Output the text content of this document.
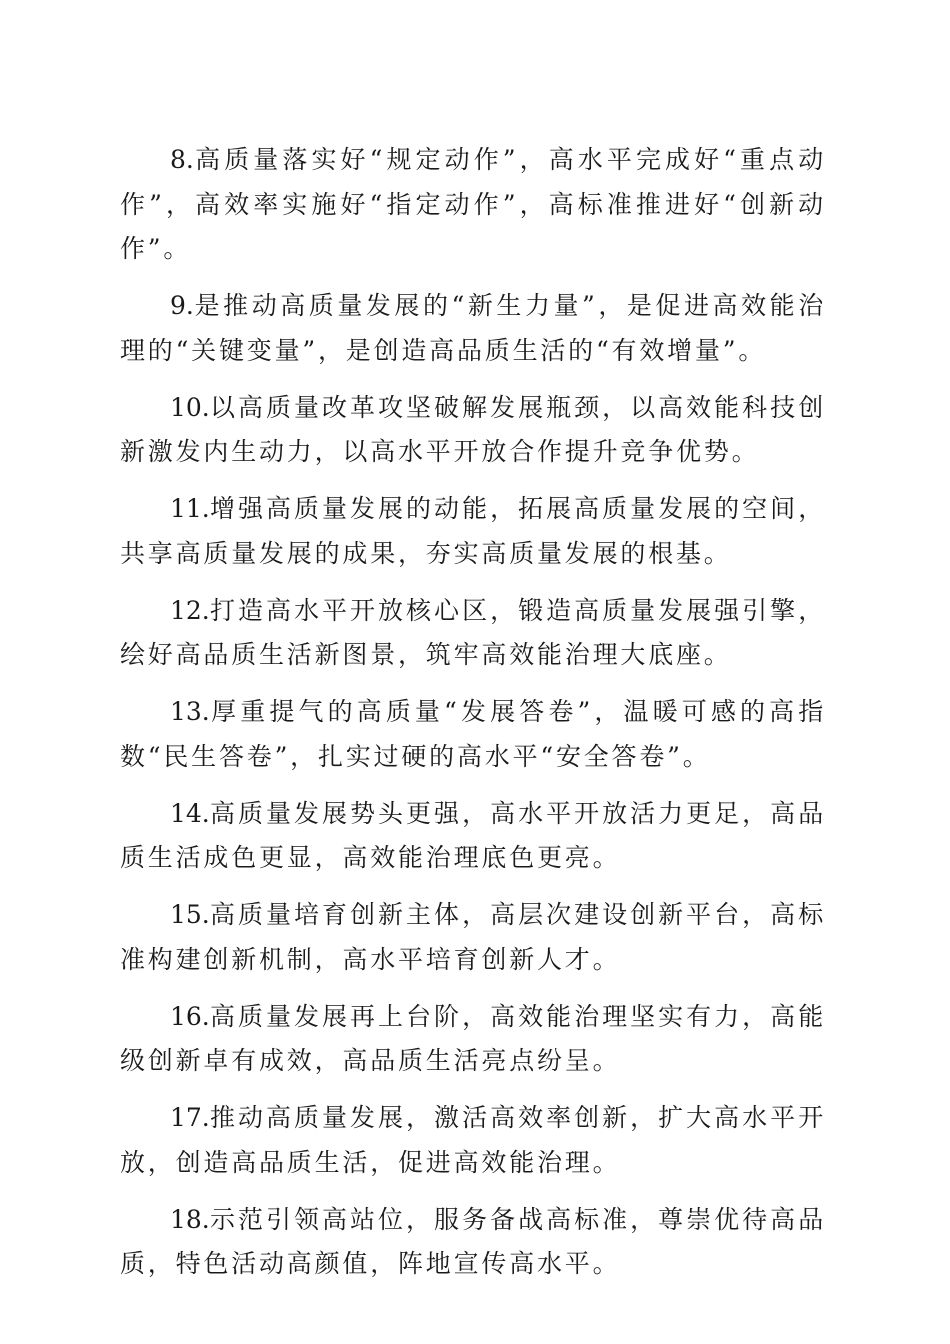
8.高质量落实好“规定动作”，高水平完成好“重点动作”，高效率实施好“指定动作”，高标准推进好“创新动作”。

9.是推动高质量发展的“新生力量”，是促进高效能治理的“关键变量”，是创造高品质生活的“有效增量”。

10.以高质量改革攻坚破解发展瓶颈，以高效能科技创新激发内生动力，以高水平开放合作提升竞争优势。

11.增强高质量发展的动能，拓展高质量发展的空间，共享高质量发展的成果，夯实高质量发展的根基。

12.打造高水平开放核心区，锻造高质量发展强引擎，绘好高品质生活新图景，筑牢高效能治理大底座。

13.厚重提气的高质量“发展答卷”，温暖可感的高指数“民生答卷”，扎实过硬的高水平“安全答卷”。

14.高质量发展势头更强，高水平开放活力更足，高品质生活成色更显，高效能治理底色更亮。

15.高质量培育创新主体，高层次建设创新平台，高标准构建创新机制，高水平培育创新人才。

16.高质量发展再上台阶，高效能治理坚实有力，高能级创新卓有成效，高品质生活亮点纷呈。

17.推动高质量发展，激活高效率创新，扩大高水平开放，创造高品质生活，促进高效能治理。

18.示范引领高站位，服务备战高标准，尊崇优待高品质，特色活动高颜值，阵地宣传高水平。
